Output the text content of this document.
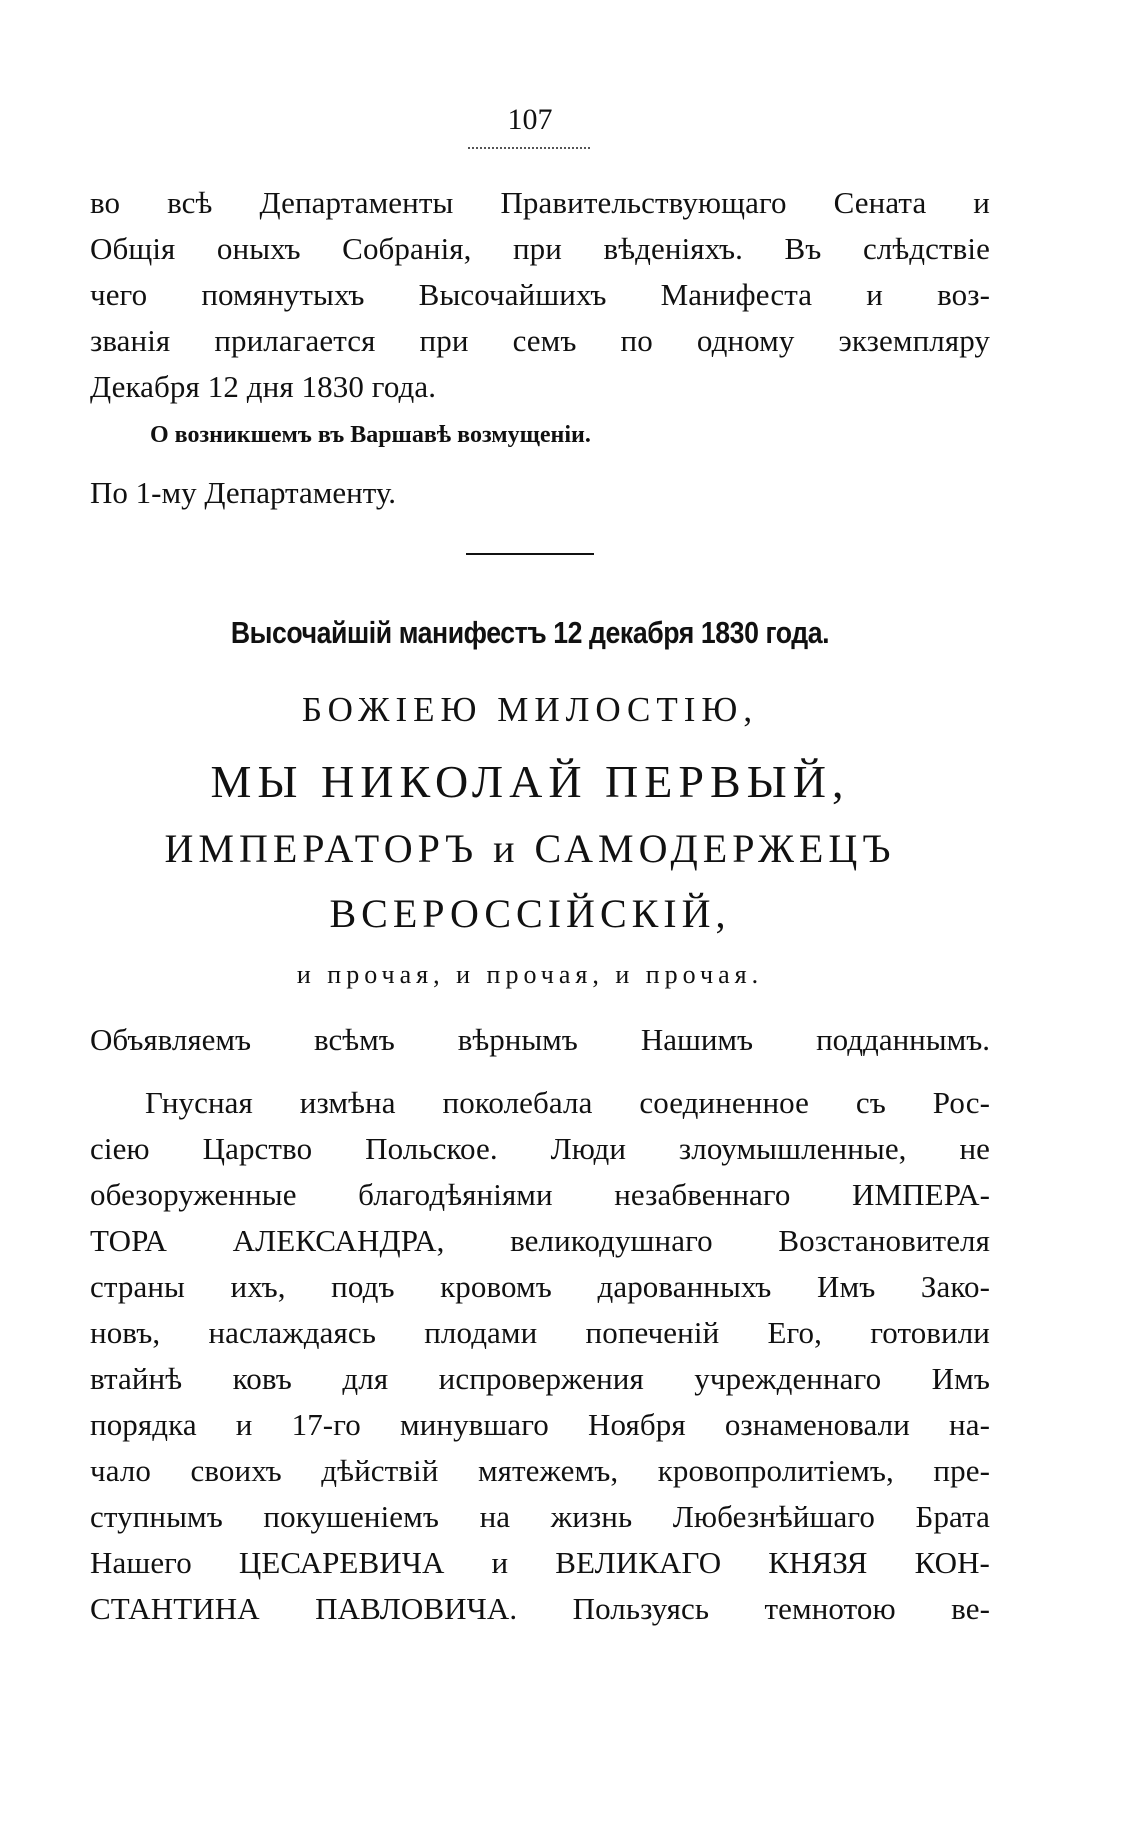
107
во всѣ Департаменты Правительствующаго Сената и
Общія оныхъ Собранія, при вѣденіяхъ. Въ слѣдствіе
чего помянутыхъ Высочайшихъ Манифеста и воз-
званія прилагается при семъ по одному экземпляру
Декабря 12 дня 1830 года.
О возникшемъ въ Варшавѣ возмущеніи.
По 1-му Департаменту.
Высочайшій манифестъ 12 декабря 1830 года.
БОЖІЕЮ МИЛОСТІЮ,
МЫ НИКОЛАЙ ПЕРВЫЙ,
ИМПЕРАТОРЪ и САМОДЕРЖЕЦЪ
ВСЕРОССІЙСКІЙ,
и прочая, и прочая, и прочая.
Объявляемъ всѣмъ вѣрнымъ Нашимъ подданнымъ.
Гнусная измѣна поколебала соединенное съ Рос-
сіею Царство Польское. Люди злоумышленные, не
обезоруженные благодѣяніями незабвеннаго ИМПЕРА-
ТОРА АЛЕКСАНДРА, великодушнаго Возстановителя
страны ихъ, подъ кровомъ дарованныхъ Имъ Зако-
новъ, наслаждаясь плодами попеченій Его, готовили
втайнѣ ковъ для испровержения учрежденнаго Имъ
порядка и 17-го минувшаго Ноября ознаменовали на-
чало своихъ дѣйствій мятежемъ, кровопролитіемъ, пре-
ступнымъ покушеніемъ на жизнь Любезнѣйшаго Брата
Нашего ЦЕСАРЕВИЧА и ВЕЛИКАГО КНЯЗЯ КОН-
СТАНТИНА ПАВЛОВИЧА. Пользуясь темнотою ве-
